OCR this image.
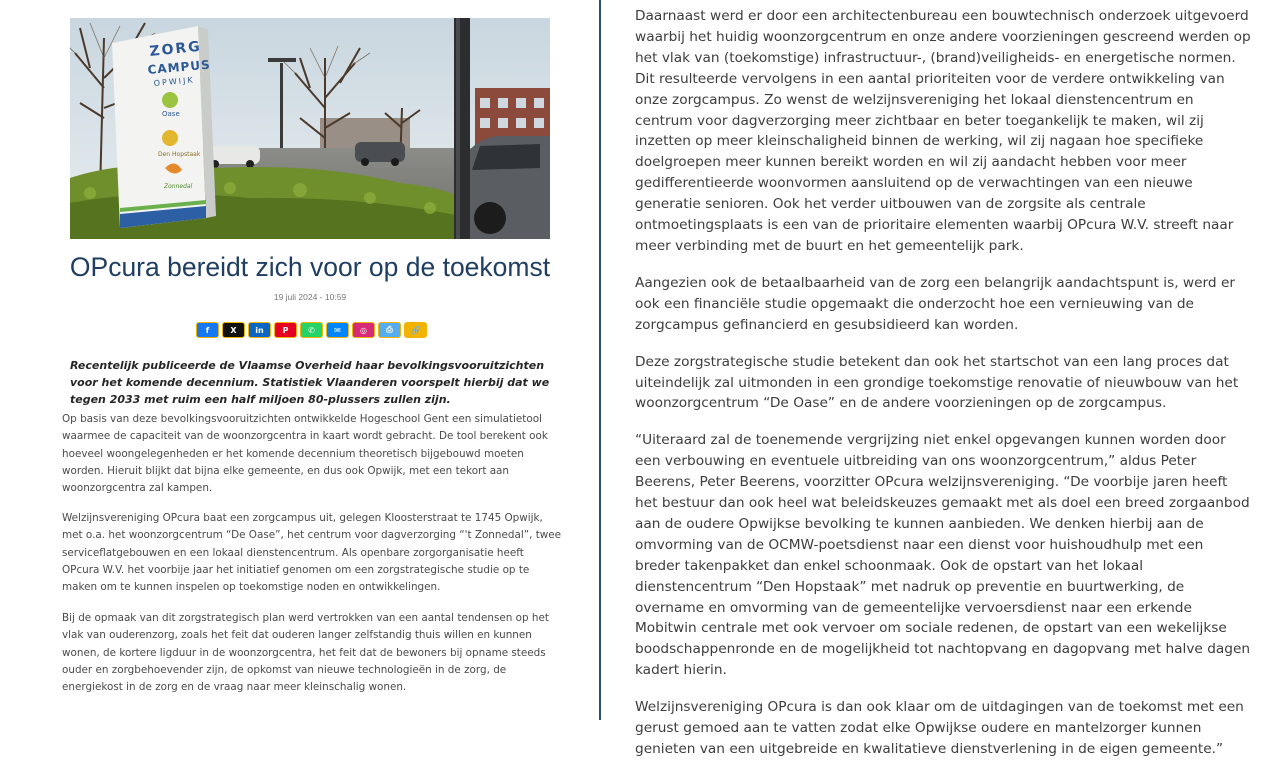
ZORG
CAMPUS
OPWIJK
Oase
Den Hopstaak
Zonnedal
OPcura bereidt zich voor op de toekomst
19 juli 2024 - 10:59
f	X in P ✆ ✉ ◎ ⎙ 🔗

Recentelijk publiceerde de Vlaamse Overheid haar bevolkingsvooruitzichten voor het komende decennium. Statistiek Vlaanderen voorspelt hierbij dat we tegen 2033 met ruim een half miljoen 80-plussers zullen zijn.

Op basis van deze bevolkingsvooruitzichten ontwikkelde Hogeschool Gent een simulatietool waarmee de capaciteit van de woonzorgcentra in kaart wordt gebracht. De tool berekent ook hoeveel woongelegenheden er het komende decennium theoretisch bijgebouwd moeten worden. Hieruit blijkt dat bijna elke gemeente, en dus ook Opwijk, met een tekort aan woonzorgcentra zal kampen.

Welzijnsvereniging OPcura baat een zorgcampus uit, gelegen Kloosterstraat te 1745 Opwijk, met o.a. het woonzorgcentrum “De Oase”, het centrum voor dagverzorging “'t Zonnedal”, twee serviceflatgebouwen en een lokaal dienstencentrum. Als openbare zorgorganisatie heeft OPcura W.V. het voorbije jaar het initiatief genomen om een zorgstrategische studie op te maken om te kunnen inspelen op toekomstige noden en ontwikkelingen.

Bij de opmaak van dit zorgstrategisch plan werd vertrokken van een aantal tendensen op het vlak van ouderenzorg, zoals het feit dat ouderen langer zelfstandig thuis willen en kunnen wonen, de kortere ligduur in de woonzorgcentra, het feit dat de bewoners bij opname steeds ouder en zorgbehoevender zijn, de opkomst van nieuwe technologieën in de zorg, de energiekost in de zorg en de vraag naar meer kleinschalig wonen.

Daarnaast werd er door een architectenbureau een bouwtechnisch onderzoek uitgevoerd waarbij het huidig woonzorgcentrum en onze andere voorzieningen gescreend werden op het vlak van (toekomstige) infrastructuur-, (brand)veiligheids- en energetische normen. Dit resulteerde vervolgens in een aantal prioriteiten voor de verdere ontwikkeling van onze zorgcampus. Zo wenst de welzijnsvereniging het lokaal dienstencentrum en centrum voor dagverzorging meer zichtbaar en beter toegankelijk te maken, wil zij inzetten op meer kleinschaligheid binnen de werking, wil zij nagaan hoe specifieke doelgroepen meer kunnen bereikt worden en wil zij aandacht hebben voor meer gedifferentieerde woonvormen aansluitend op de verwachtingen van een nieuwe generatie senioren. Ook het verder uitbouwen van de zorgsite als centrale ontmoetingsplaats is een van de prioritaire elementen waarbij OPcura W.V. streeft naar meer verbinding met de buurt en het gemeentelijk park.

Aangezien ook de betaalbaarheid van de zorg een belangrijk aandachtspunt is, werd er ook een financiële studie opgemaakt die onderzocht hoe een vernieuwing van de zorgcampus gefinancierd en gesubsidieerd kan worden.

Deze zorgstrategische studie betekent dan ook het startschot van een lang proces dat uiteindelijk zal uitmonden in een grondige toekomstige renovatie of nieuwbouw van het woonzorgcentrum “De Oase” en de andere voorzieningen op de zorgcampus.

“Uiteraard zal de toenemende vergrijzing niet enkel opgevangen kunnen worden door een verbouwing en eventuele uitbreiding van ons woonzorgcentrum,” aldus Peter Beerens, Peter Beerens, voorzitter OPcura welzijnsvereniging. “De voorbije jaren heeft het bestuur dan ook heel wat beleidskeuzes gemaakt met als doel een breed zorgaanbod aan de oudere Opwijkse bevolking te kunnen aanbieden. We denken hierbij aan de omvorming van de OCMW-poetsdienst naar een dienst voor huishoudhulp met een breder takenpakket dan enkel schoonmaak. Ook de opstart van het lokaal dienstencentrum “Den Hopstaak” met nadruk op preventie en buurtwerking, de overname en omvorming van de gemeentelijke vervoersdienst naar een erkende Mobitwin centrale met ook vervoer om sociale redenen, de opstart van een wekelijkse boodschappenronde en de mogelijkheid tot nachtopvang en dagopvang met halve dagen kadert hierin.

Welzijnsvereniging OPcura is dan ook klaar om de uitdagingen van de toekomst met een gerust gemoed aan te vatten zodat elke Opwijkse oudere en mantelzorger kunnen genieten van een uitgebreide en kwalitatieve dienstverlening in de eigen gemeente.”
